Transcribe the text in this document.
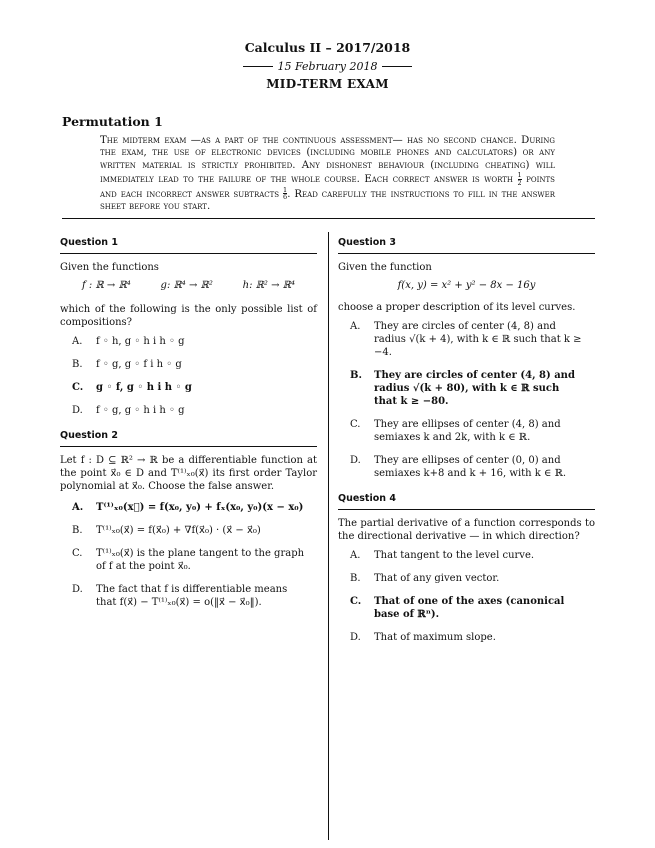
Calculus II – 2017/2018
15 February 2018
MID-TERM EXAM
Permutation 1
The midterm exam —as a part of the continuous assessment— has no second chance. During the exam, the use of electronic devices (including mobile phones and calculators) or any written material is strictly prohibited. Any dishonest behaviour (including cheating) will immediately lead to the failure of the whole course. Each correct answer is worth $\frac{1}{2}$ points and each incorrect answer subtracts $\frac{1}{6}$ . Read carefully the instructions to fill in the answer sheet before you start.
Question 1
Given the functions
f : ℝ → ℝ⁴	g: ℝ⁴ → ℝ²	h: ℝ² → ℝ⁴
which of the following is the only possible list of compositions?
A. f ◦ h, g ◦ h i h ◦ g
B. f ◦ g, g ◦ f i h ◦ g
C. g ◦ f, g ◦ h i h ◦ g
D. f ◦ g, g ◦ h i h ◦ g
Question 2
Let f : D ⊆ ℝ² → ℝ be a differentiable function at the point x⃗₀ ∈ D and T⁽¹⁾ₓ₀(x⃗) its first order Taylor polynomial at x⃗₀. Choose the false answer.
A. T⁽¹⁾ₓ₀(x⃗) = f(x₀, y₀) + fₓ(x₀, y₀)(x − x₀)
B. T⁽¹⁾ₓ₀(x⃗) = f(x⃗₀) + ∇f(x⃗₀) · (x⃗ − x⃗₀)
C. T⁽¹⁾ₓ₀(x⃗) is the plane tangent to the graph of f at the point x⃗₀.
D. The fact that f is differentiable means that f(x⃗) − T⁽¹⁾ₓ₀(x⃗) = o(‖x⃗ − x⃗₀‖).
Question 3
Given the function
f(x, y) = x² + y² − 8x − 16y
choose a proper description of its level curves.
A. They are circles of center (4, 8) and radius √(k + 4), with k ∈ ℝ such that k ≥ −4.
B. They are circles of center (4, 8) and radius √(k + 80), with k ∈ ℝ such that k ≥ −80.
C. They are ellipses of center (4, 8) and semiaxes k and 2k, with k ∈ ℝ.
D. They are ellipses of center (0, 0) and semiaxes k+8 and k + 16, with k ∈ ℝ.
Question 4
The partial derivative of a function corresponds to the directional derivative — in which direction?
A. That tangent to the level curve.
B. That of any given vector.
C. That of one of the axes (canonical base of ℝⁿ).
D. That of maximum slope.
